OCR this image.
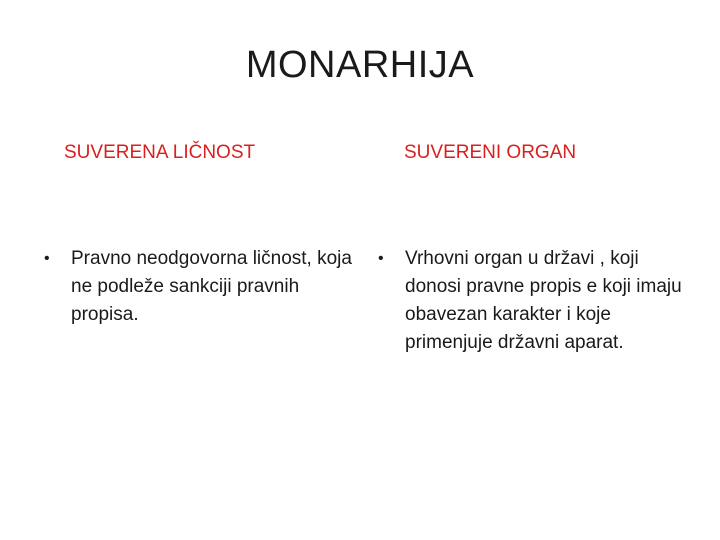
MONARHIJA
SUVERENA LIČNOST	SUVERENI ORGAN
•	Pravno neodgovorna ličnost, koja ne podleže sankciji pravnih propisa.
•	Vrhovni organ u državi , koji donosi pravne propis e koji imaju obavezan karakter i koje primenjuje državni aparat.
